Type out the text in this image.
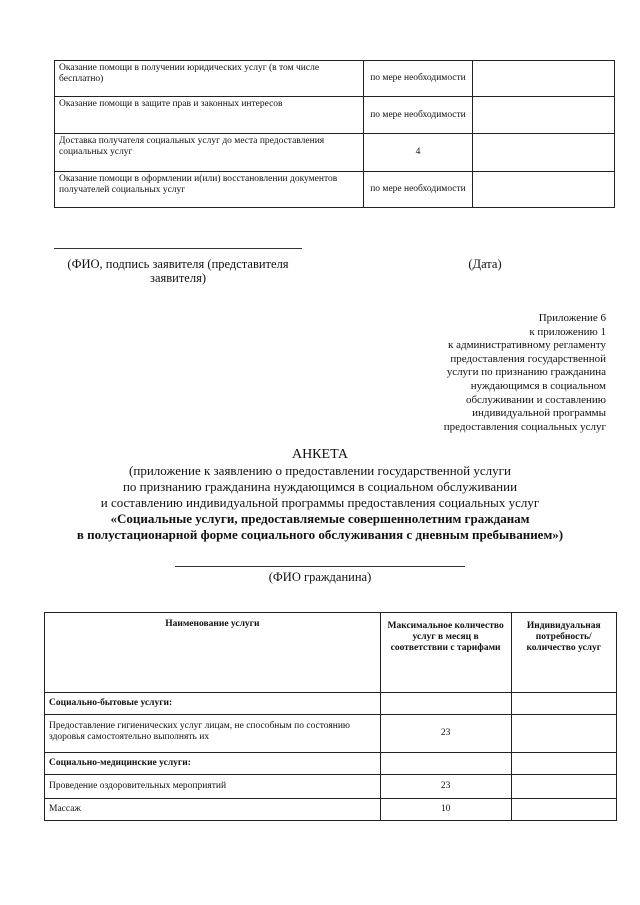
Оказание помощи в получении юридических услуг (в том числе бесплатно)	по мере необходимости	
Оказание помощи в защите прав и законных интересов	по мере необходимости	
Доставка получателя социальных услуг до места предоставления социальных услуг	4	
Оказание помощи в оформлении и(или) восстановлении документов получателей социальных услуг	по мере необходимости	
(ФИО, подпись заявителя (представителя заявителя)
(Дата)
Приложение 6
к приложению 1
к административному регламенту
предоставления государственной
услуги по признанию гражданина
нуждающимся в социальном
обслуживании и составлению
индивидуальной программы
предоставления социальных услуг
АНКЕТА
(приложение к заявлению о предоставлении государственной услуги
по признанию гражданина нуждающимся в социальном обслуживании
и составлению индивидуальной программы предоставления социальных услуг
«Социальные услуги, предоставляемые совершеннолетним гражданам
в полустационарной форме социального обслуживания с дневным пребыванием»)
(ФИО гражданина)
Наименование услуги	Максимальное количество услуг в месяц в соответствии с тарифами	Индивидуальная потребность/ количество услуг
Социально-бытовые услуги:		
Предоставление гигиенических услуг лицам, не способным по состоянию здоровья самостоятельно выполнять их	23	
Социально-медицинские услуги:		
Проведение оздоровительных мероприятий	23	
Массаж	10	
